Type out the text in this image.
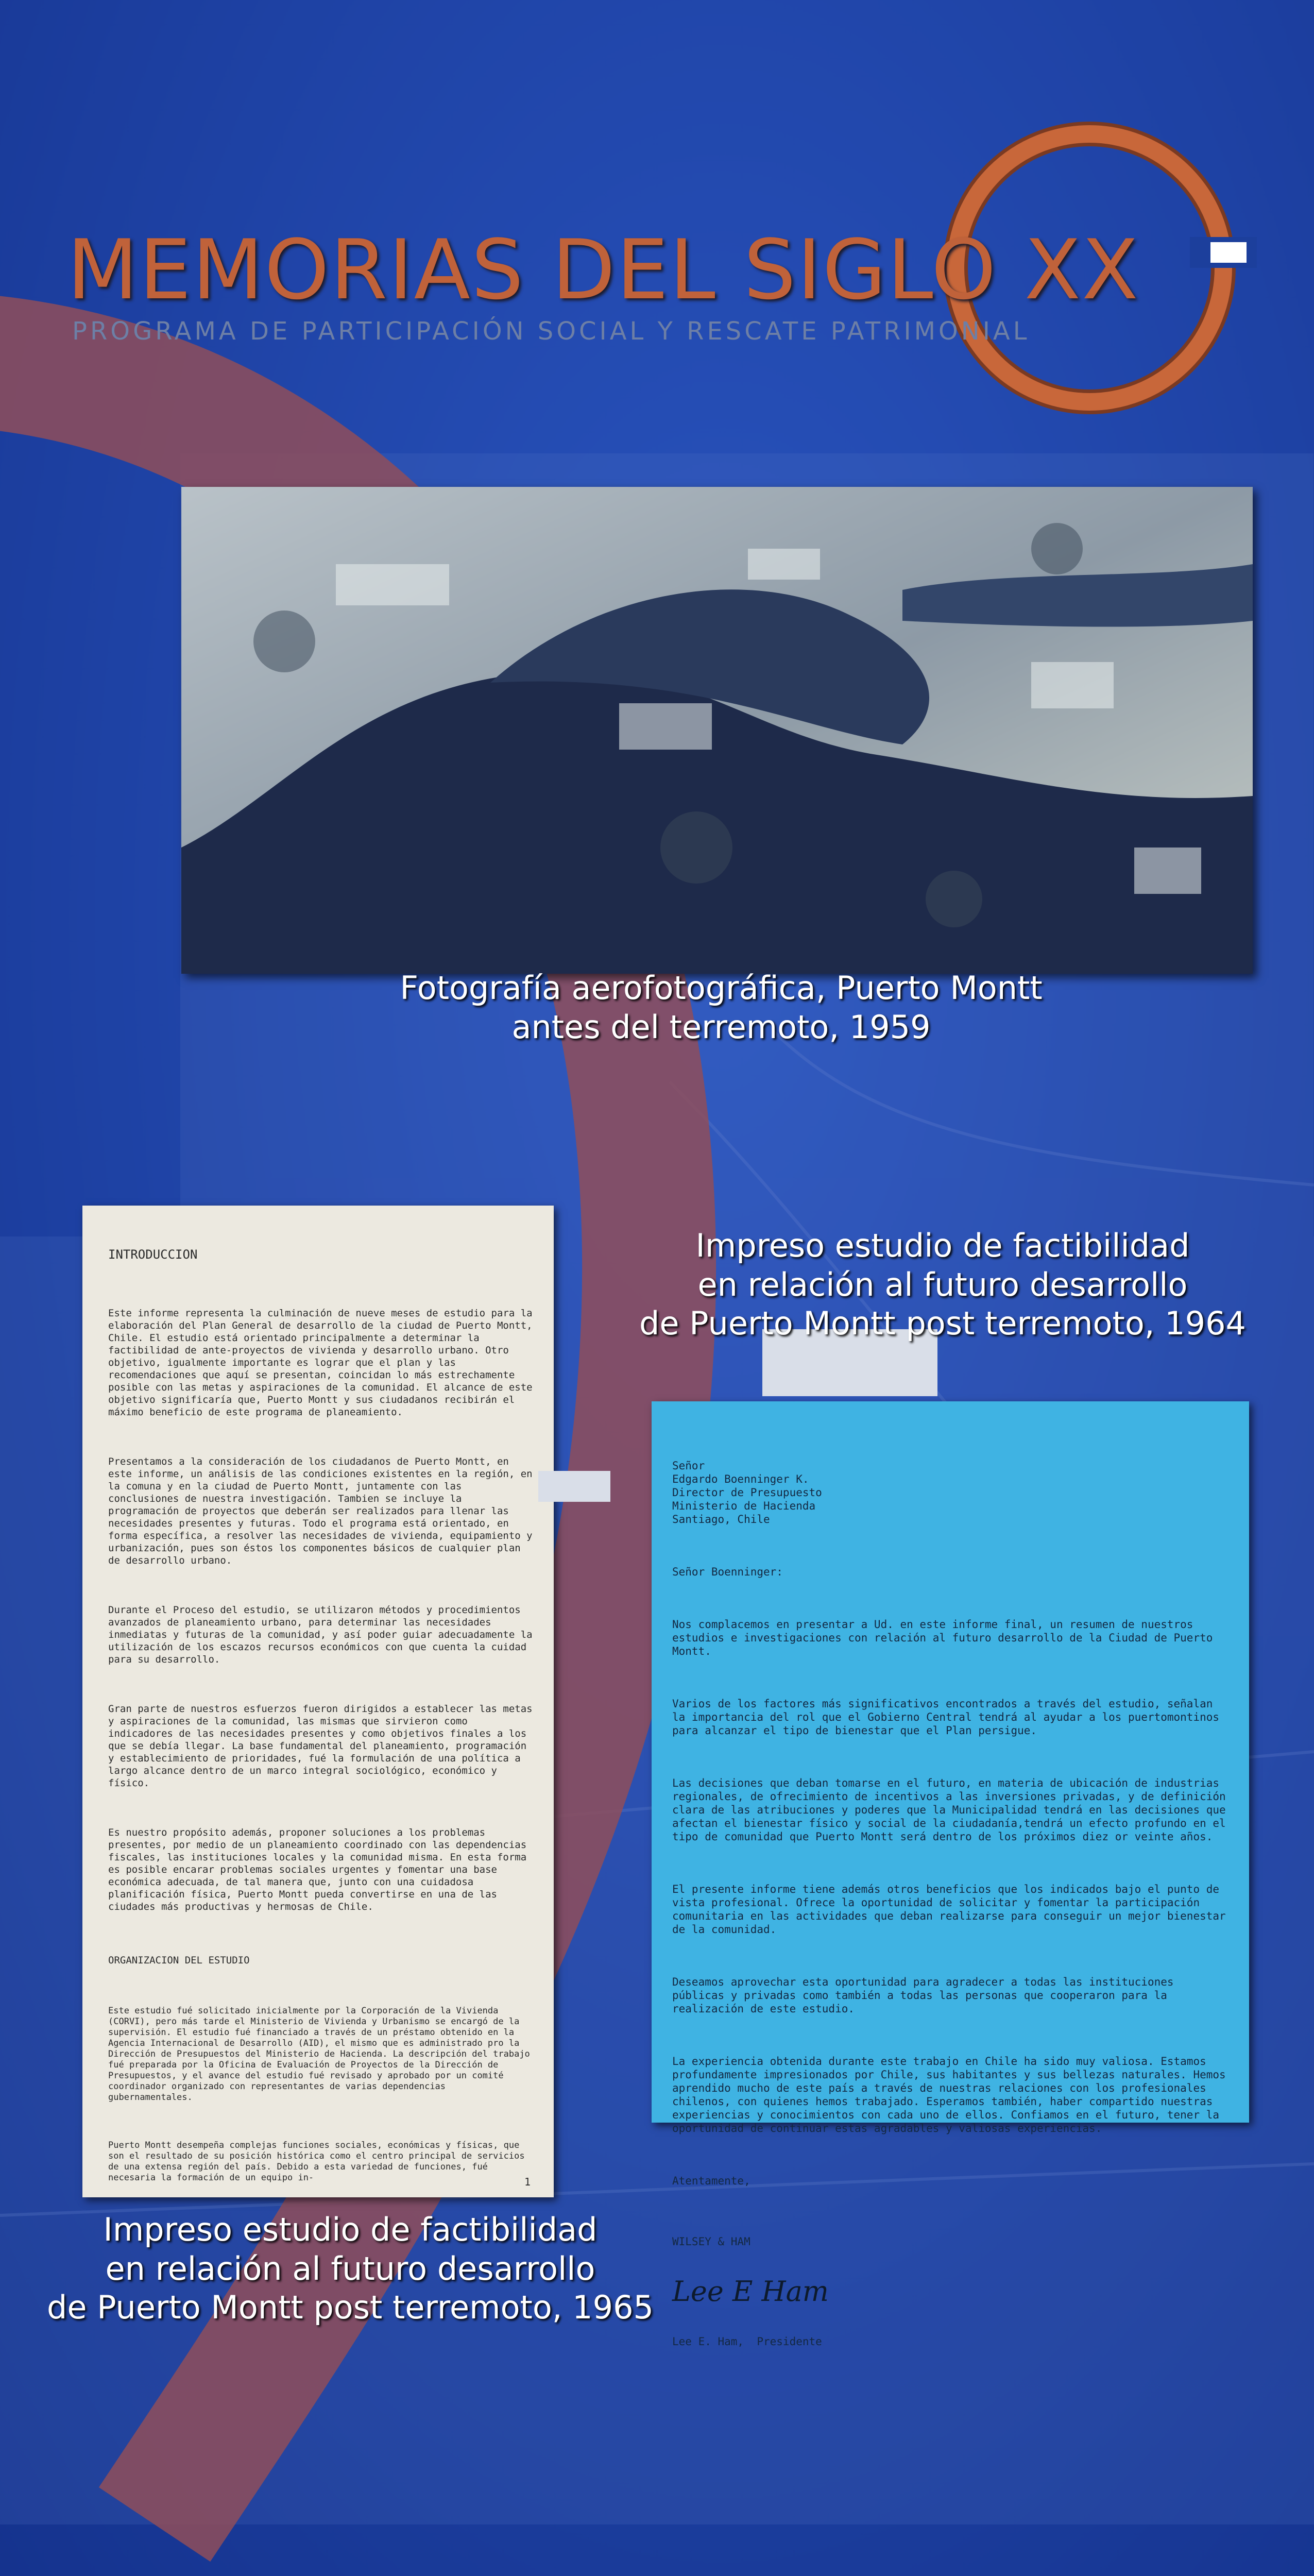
MEMORIAS DEL SIGLO XX
PROGRAMA DE PARTICIPACIÓN SOCIAL Y RESCATE PATRIMONIAL
Fotografía aerofotográfica, Puerto Montt
antes del terremoto, 1959

INTRODUCCION

Este informe representa la culminación de nueve meses de estudio para la elaboración del Plan General de desarrollo de la ciudad de Puerto Montt, Chile. El estudio está orientado principalmente a determinar la factibilidad de ante-proyectos de vivienda y desarrollo urbano. Otro objetivo, igualmente importante es lograr que el plan y las recomendaciones que aquí se presentan, coincidan lo más estrechamente posible con las metas y aspiraciones de la comunidad. El alcance de este objetivo significaría que, Puerto Montt y sus ciudadanos recibirán el máximo beneficio de este programa de planeamiento.

Presentamos a la consideración de los ciudadanos de Puerto Montt, en este informe, un análisis de las condiciones existentes en la región, en la comuna y en la ciudad de Puerto Montt, juntamente con las conclusiones de nuestra investigación. Tambien se incluye la programación de proyectos que deberán ser realizados para llenar las necesidades presentes y futuras. Todo el programa está orientado, en forma específica, a resolver las necesidades de vivienda, equipamiento y urbanización, pues son éstos los componentes básicos de cualquier plan de desarrollo urbano.

Durante el Proceso del estudio, se utilizaron métodos y procedimientos avanzados de planeamiento urbano, para determinar las necesidades inmediatas y futuras de la comunidad, y así poder guiar adecuadamente la utilización de los escazos recursos económicos con que cuenta la cuidad para su desarrollo.

Gran parte de nuestros esfuerzos fueron dirigidos a establecer las metas y aspiraciones de la comunidad, las mismas que sirvieron como indicadores de las necesidades presentes y como objetivos finales a los que se debía llegar. La base fundamental del planeamiento, programación y establecimiento de prioridades, fué la formulación de una política a largo alcance dentro de un marco integral sociológico, económico y físico.

Es nuestro propósito además, proponer soluciones a los problemas presentes, por medio de un planeamiento coordinado con las dependencias fiscales, las instituciones locales y la comunidad misma. En esta forma es posible encarar problemas sociales urgentes y fomentar una base económica adecuada, de tal manera que, junto con una cuidadosa planificación física, Puerto Montt pueda convertirse en una de las ciudades más productivas y hermosas de Chile.

ORGANIZACION DEL ESTUDIO

Este estudio fué solicitado inicialmente por la Corporación de la Vivienda (CORVI), pero más tarde el Ministerio de Vivienda y Urbanismo se encargó de la supervisión. El estudio fué financiado a través de un préstamo obtenido en la Agencia Internacional de Desarrollo (AID), el mismo que es administrado pro la Dirección de Presupuestos del Ministerio de Hacienda. La descripción del trabajo fué preparada por la Oficina de Evaluación de Proyectos de la Dirección de Presupuestos, y el avance del estudio fué revisado y aprobado por un comité coordinador organizado con representantes de varias dependencias gubernamentales.

Puerto Montt desempeña complejas funciones sociales, económicas y físicas, que son el resultado de su posición histórica como el centro principal de servicios de una extensa región del país. Debido a esta variedad de funciones, fué necesaria la formación de un equipo in-

	1
Impreso estudio de factibilidad
en relación al futuro desarrollo
de Puerto Montt post terremoto, 1965
Impreso estudio de factibilidad
en relación al futuro desarrollo
de Puerto Montt post terremoto, 1964

Señor
Edgardo Boenninger K.
Director de Presupuesto
Ministerio de Hacienda
Santiago, Chile

Señor Boenninger:

Nos complacemos en presentar a Ud. en este informe final, un resumen de nuestros estudios e investigaciones con relación al futuro desarrollo de la Ciudad de Puerto Montt.

Varios de los factores más significativos encontrados a través del estudio, señalan la importancia del rol que el Gobierno Central tendrá al ayudar a los puertomontinos para alcanzar el tipo de bienestar que el Plan persigue.

Las decisiones que deban tomarse en el futuro, en materia de ubicación de industrias regionales, de ofrecimiento de incentivos a las inversiones privadas, y de definición clara de las atribuciones y poderes que la Municipalidad tendrá en las decisiones que afectan el bienestar físico y social de la ciudadanía,tendrá un efecto profundo en el tipo de comunidad que Puerto Montt será dentro de los próximos diez or veinte años.

El presente informe tiene además otros beneficios que los indicados bajo el punto de vista profesional. Ofrece la oportunidad de solicitar y fomentar la participación comunitaria en las actividades que deban realizarse para conseguir un mejor bienestar de la comunidad.

Deseamos aprovechar esta oportunidad para agradecer a todas las instituciones públicas y privadas como también a todas las personas que cooperaron para la realización de este estudio.

La experiencia obtenida durante este trabajo en Chile ha sido muy valiosa. Estamos profundamente impresionados por Chile, sus habitantes y sus bellezas naturales. Hemos aprendido mucho de este país a través de nuestras relaciones con los profesionales chilenos, con quienes hemos trabajado. Esperamos también, haber compartido nuestras experiencias y conocimientos con cada uno de ellos. Confiamos en el futuro, tener la oportunidad de continuar estas agradables y valiosas experiencias.

Atentamente,

WILSEY & HAM

Lee E Ham

Lee E. Ham,  Presidente
